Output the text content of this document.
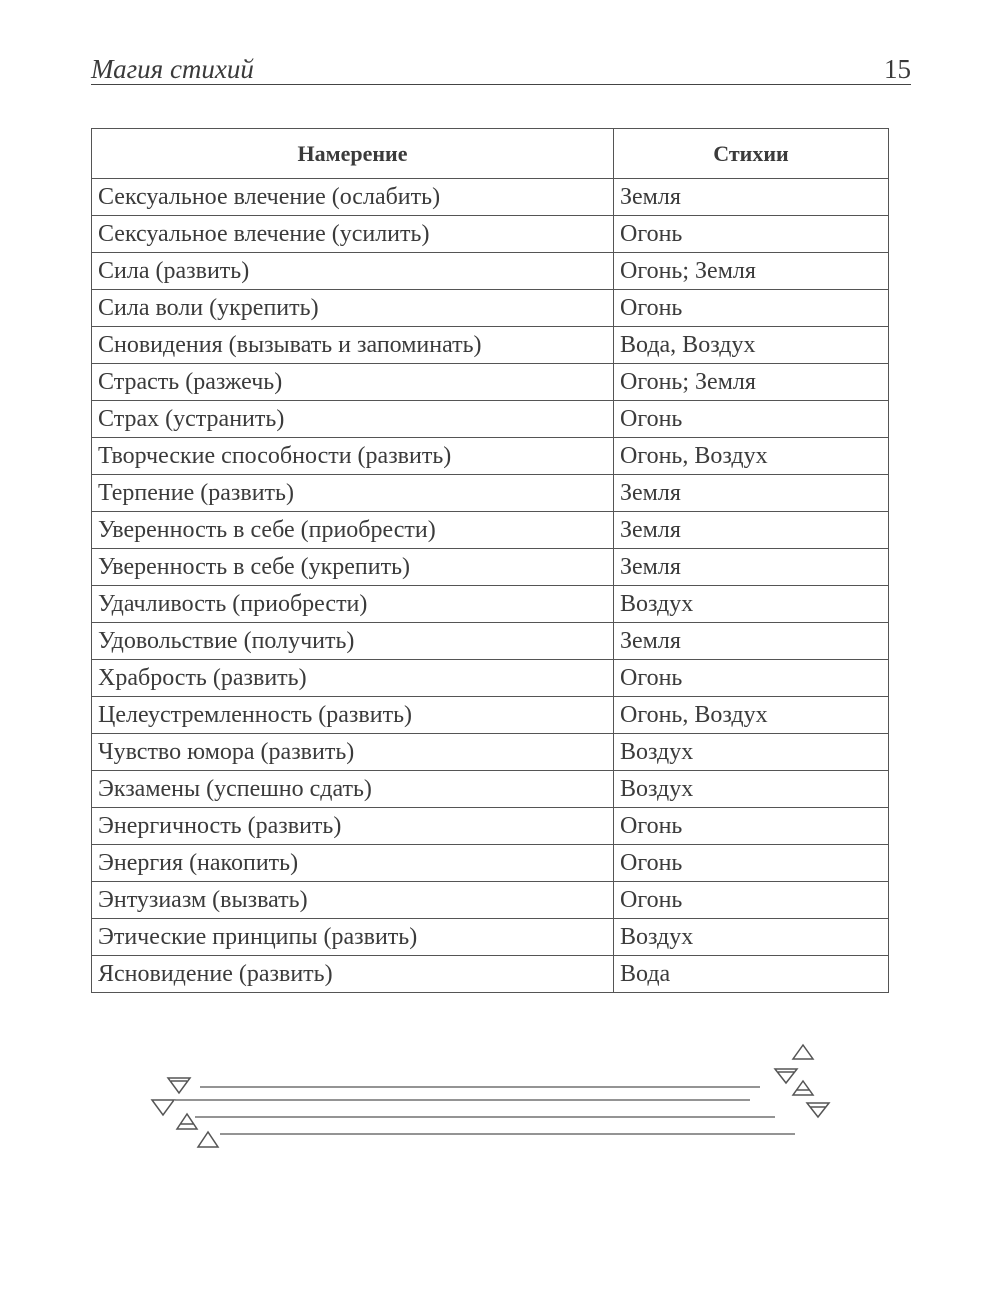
Магия стихий	15
Намерение	Стихии
Сексуальное влечение (ослабить)	Земля
Сексуальное влечение (усилить)	Огонь
Сила (развить)	Огонь; Земля
Сила воли (укрепить)	Огонь
Сновидения (вызывать и запоминать)	Вода, Воздух
Страсть (разжечь)	Огонь; Земля
Страх (устранить)	Огонь
Творческие способности (развить)	Огонь, Воздух
Терпение (развить)	Земля
Уверенность в себе (приобрести)	Земля
Уверенность в себе (укрепить)	Земля
Удачливость (приобрести)	Воздух
Удовольствие (получить)	Земля
Храбрость (развить)	Огонь
Целеустремленность (развить)	Огонь, Воздух
Чувство юмора (развить)	Воздух
Экзамены (успешно сдать)	Воздух
Энергичность (развить)	Огонь
Энергия (накопить)	Огонь
Энтузиазм (вызвать)	Огонь
Этические принципы (развить)	Воздух
Ясновидение (развить)	Вода
